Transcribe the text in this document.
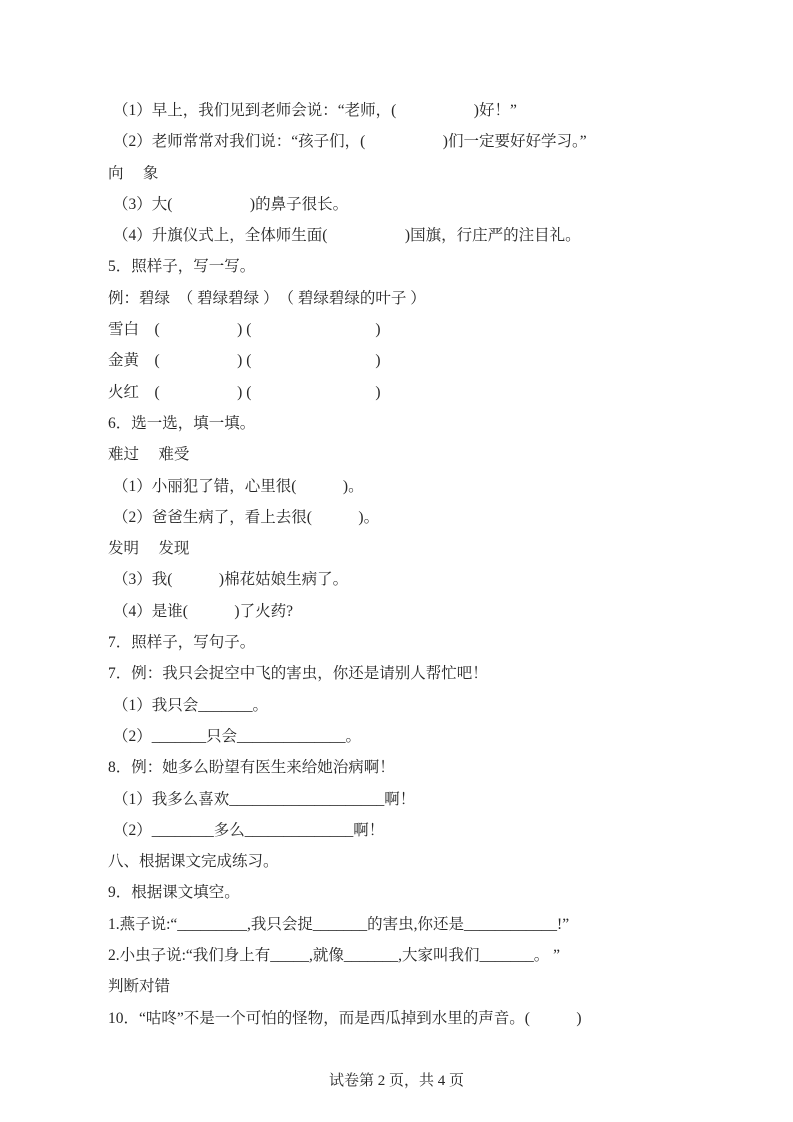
（1）早上，我们见到老师会说：“老师，(　　　　　)好！”
（2）老师常常对我们说：“孩子们，(　　　　　)们一定要好好学习。”
向　 象
（3）大(　　　　　)的鼻子很长。
（4）升旗仪式上，全体师生面(　　　　　)国旗，行庄严的注目礼。
5．照样子，写一写。
例：碧绿　（ 碧绿碧绿 ）　（ 碧绿碧绿的叶子 ）
雪白　(　　　　　) (　　　　　　　　)
金黄　(　　　　　) (　　　　　　　　)
火红　(　　　　　) (　　　　　　　　)
6．选一选，填一填。
难过　 难受
（1）小丽犯了错，心里很(　　　)。
（2）爸爸生病了，看上去很(　　　)。
发明　 发现
（3）我(　　　)棉花姑娘生病了。
（4）是谁(　　　)了火药?
7．照样子，写句子。
7．例：我只会捉空中飞的害虫，你还是请别人帮忙吧！
（1）我只会_______。
（2）_______只会______________。
8．例：她多么盼望有医生来给她治病啊！
（1）我多么喜欢____________________啊！
（2）________多么______________啊！
八、根据课文完成练习。
9．根据课文填空。
1.燕子说:“_________,我只会捉_______的害虫,你还是____________!”
2.小虫子说:“我们身上有_____,就像_______,大家叫我们_______。 ”
判断对错
10．“咕咚”不是一个可怕的怪物，而是西瓜掉到水里的声音。(　　　)
试卷第 2 页，共 4 页
